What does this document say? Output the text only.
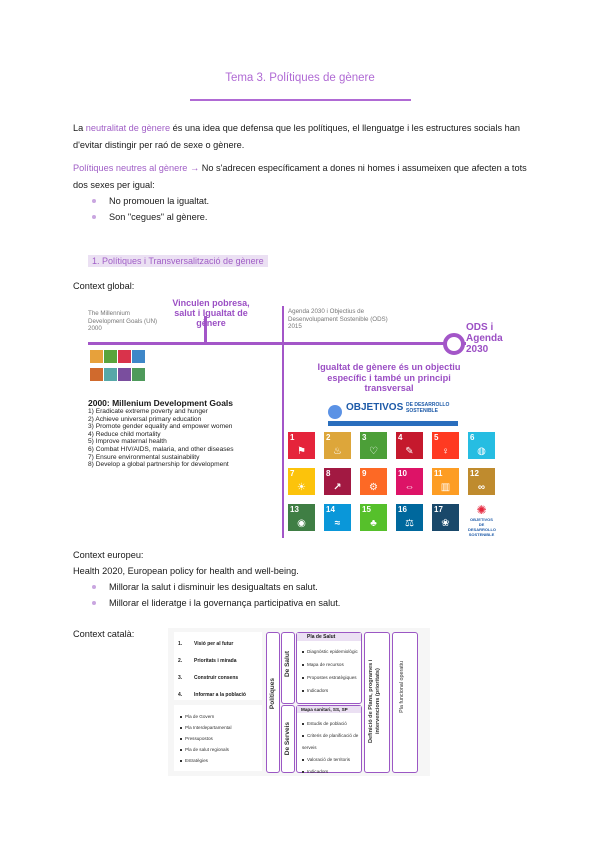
Tema 3. Polítiques de gènere
La neutralitat de gènere és una idea que defensa que les polítiques, el llenguatge i les estructures socials han d'evitar distingir per raó de sexe o gènere.
Polítiques neutres al gènere → No s'adrecen específicament a dones ni homes i assumeixen que afecten a tots dos sexes per igual:
No promouen la igualtat.
Son "cegues" al gènere.
1. Polítiques i Transversalització de gènere
Context global:
The Millennium Development Goals (UN) 2000
Vinculen pobresa, salut i Igualtat de gènere
Agenda 2030 i Objectius de Desenvolupament Sostenible (ODS) 2015	ODS i Agenda 2030
2000: Millenium Development Goals
1) Eradicate extreme poverty and hunger
2) Achieve universal primary education
3) Promote gender equality and empower women
4) Reduce child mortality
5) Improve maternal health
6) Combat HIV/AIDS, malaria, and other diseases
7) Ensure environmental sustainability
8) Develop a global partnership for development
Igualtat de gènere és un objectiu específic i també un principi transversal
OBJETIVOS DE DESARROLLO SOSTENIBLE
1
⚑
2
♨
3
♡
4
✎
5
♀
6
◍
7
☀
8
↗
9
⚙
10
⇔
11
▥
12
∞
13
◉
14
≈
15
♣
16
⚖
17
❀
✺
OBJETIVOS DE DESARROLLO SOSTENIBLE
Context europeu:
Health 2020, European policy for health and well-being.
Millorar la salut i disminuir les desigualtats en salut.
Millorar el lideratge i la governança participativa en salut.
Context català:
1. Visió per al futur
2. Prioritats i mirada
3. Construir consens
4. Informar a la població
Pla de Govern
Pla Interdepartamental
Pressupostos
Pla de salut regionals
Estratègies
Polítiques
De Salut
De Serveis
Pla de Salut
Diagnòstic epidemiològic
Mapa de recursos
Propostes estratègiques
Indicadors
Mapa sanitari, SS, SP
Estudis de població
Criteris de planificació de serveis
Valoració de territoris
Indicadors
Definició de Plans, programes i intervencions (prioritats)	Pla funcional operatiu
